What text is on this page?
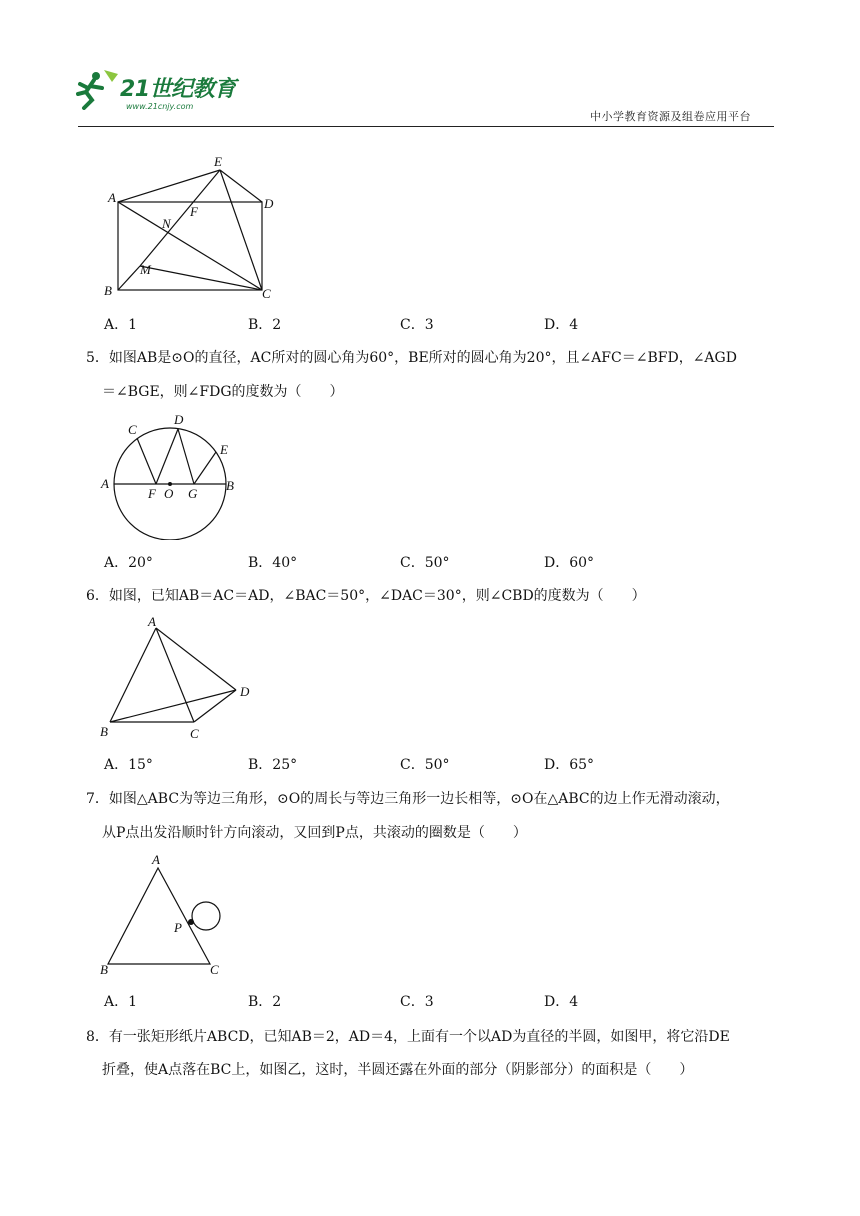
21世纪教育
www.21cnjy.com
中小学教育资源及组卷应用平台
A
E
D
N
F
M
B	C
A．1	B．2	C．3	D．4
5．如图AB是⊙O的直径，AC所对的圆心角为60°，BE所对的圆心角为20°，且∠AFC＝∠BFD，∠AGD
＝∠BGE，则∠FDG的度数为（　　）
C
D
E
A
F O G
B
A．20°	B．40°	C．50°	D．60°
6．如图，已知AB＝AC＝AD，∠BAC＝50°，∠DAC＝30°，则∠CBD的度数为（　　）
A
D
B	C
A．15°	B．25°	C．50°	D．65°
7．如图△ABC为等边三角形，⊙O的周长与等边三角形一边长相等，⊙O在△ABC的边上作无滑动滚动，
从P点出发沿顺时针方向滚动，又回到P点，共滚动的圈数是（　　）
A
P
B	C
A．1	B．2	C．3	D．4
8．有一张矩形纸片ABCD，已知AB＝2，AD＝4，上面有一个以AD为直径的半圆，如图甲，将它沿DE
折叠，使A点落在BC上，如图乙，这时，半圆还露在外面的部分（阴影部分）的面积是（　　）
